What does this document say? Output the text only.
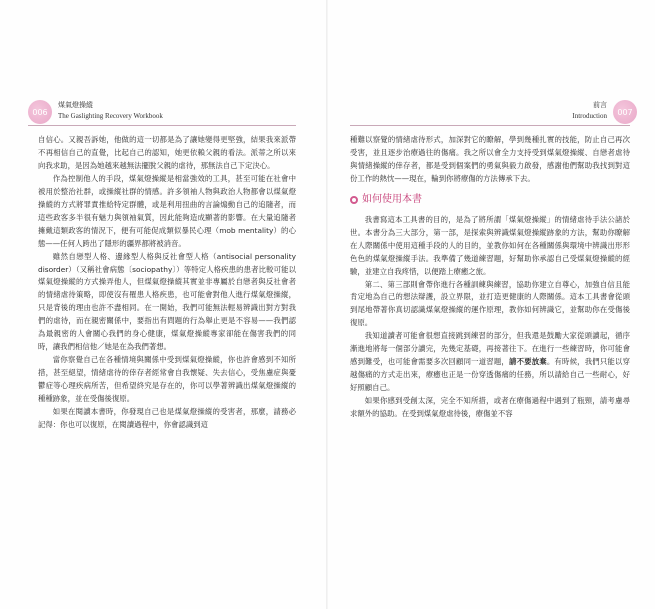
006
煤氣燈操縱
The Gaslighting Recovery Workbook

自信心。又親吾訴她，他做的這一切都是為了讓她變得更堅強，結果我來派帶不再相信自己的直覺，比起自己的認知，她更依賴父親的看法。派蒂之所以來向我求助，是因為她越來越無法擺脫父親的虐待，那無法自己下定決心。

作為控制他人的手段，煤氣燈操縱是相當強效的工具，甚至可能在社會中被用於整治社群，或操縱社群的情感。許多領袖人物與政治人物都會以煤氣燈操縱的方式將罪責推給特定群體，或是利用扭曲的言論煽動自己的追隨者，而這些政客多半很有魅力與領袖氣質，因此能夠造成顯著的影響。在大量追隨者擁戴這類政客的情況下，便有可能促成類似暴民心理（mob mentality）的心態——任何人跨出了隱形的疆界都將被消音。

雖然自戀型人格、邊緣型人格與反社會型人格（antisocial personality disorder）（又稱社會病態〔sociopathy〕）等特定人格疾患的患者比較可能以煤氣燈操縱的方式操弄他人，但煤氣燈操縱其實並非專屬於自戀者與反社會者的情緒虐待策略，即使沒有罹患人格疾患，也可能會對他人進行煤氣燈操縱，只是背後的理由也許不盡相同。在一開始，我們可能無法輕易辨識出對方對我們的虐待，而在親密關係中，要指出有問題的行為舉止更是不容易——我們認為最親密的人會關心我們的身心健康，煤氣燈操縱專家卻能在傷害我們的同時，讓我們相信他／她是在為我們著想。

當你察覺自己在各種情境與關係中受到煤氣燈操縱，你也許會感到不知所措，甚至絕望，情緒虐待的倖存者經常會自我懷疑、失去信心，受焦慮症與憂鬱症等心理疾病所苦，但希望終究是存在的，你可以學著辨識出煤氣燈操縱的種種跡象，並在受傷後復原。

如果在閱讀本書時，你發現自己也是煤氣燈操縱的受害者，那麼，請務必記得：你也可以復原，在閱讀過程中，你會認識到這

007
前言
Introduction

種難以察覺的情緒虐待形式，加深對它的瞭解，學到幾種扎實的技能，防止自己再次受害，並且逐步治療過往的傷痛。我之所以會全力支持受到煤氣燈操縱、自戀者虐待與情緒操縱的倖存者，都是受到個案們的勇氣與毅力啟發，感謝他們幫助我找到對這份工作的熱忱——現在，輪到你將療傷的方法傳承下去。

如何使用本書

我書寫這本工具書的目的，是為了將所謂「煤氣燈操縱」的情緒虐待手法公諸於世。本書分為三大部分，第一部，是探索與辨識煤氣燈操縱跡象的方法，幫助你瞭解在人際關係中使用這種手段的人的目的，並教你如何在各種關係與環境中辨識出形形色色的煤氣燈操縱手法。我準備了幾道練習題，好幫助你承認自己受煤氣燈操縱的經驗，並建立自我疼惜，以便踏上療癒之旅。

第二、第三部則會帶你進行各種訓練與練習，協助你建立自尊心，加強自信且能肯定地為自己的想法辯護，設立界限，並打造更健康的人際關係。這本工具書會從頭到尾地帶著你真切認識煤氣燈操縱的運作原理，教你如何辨識它，並幫助你在受傷後復原。

我知道讀者可能會很想直接跳到練習的部分，但我還是鼓勵大家從頭讀起，循序漸進地將每一個部分讀完，先幾定基礎，再接著往下。在進行一些練習時，你可能會感到難受，也可能會需要多次回顧同一道習題，請不要放棄。有時候，我們只能以穿越傷痛的方式走出來，療癒也正是一份穿透傷痛的任務，所以請給自己一些耐心，好好照顧自己。

如果你感到受創太深，完全不知所措，或者在療傷過程中遇到了瓶頸，請考慮尋求額外的協助。在受到煤氣燈虐待後，療傷並不容
